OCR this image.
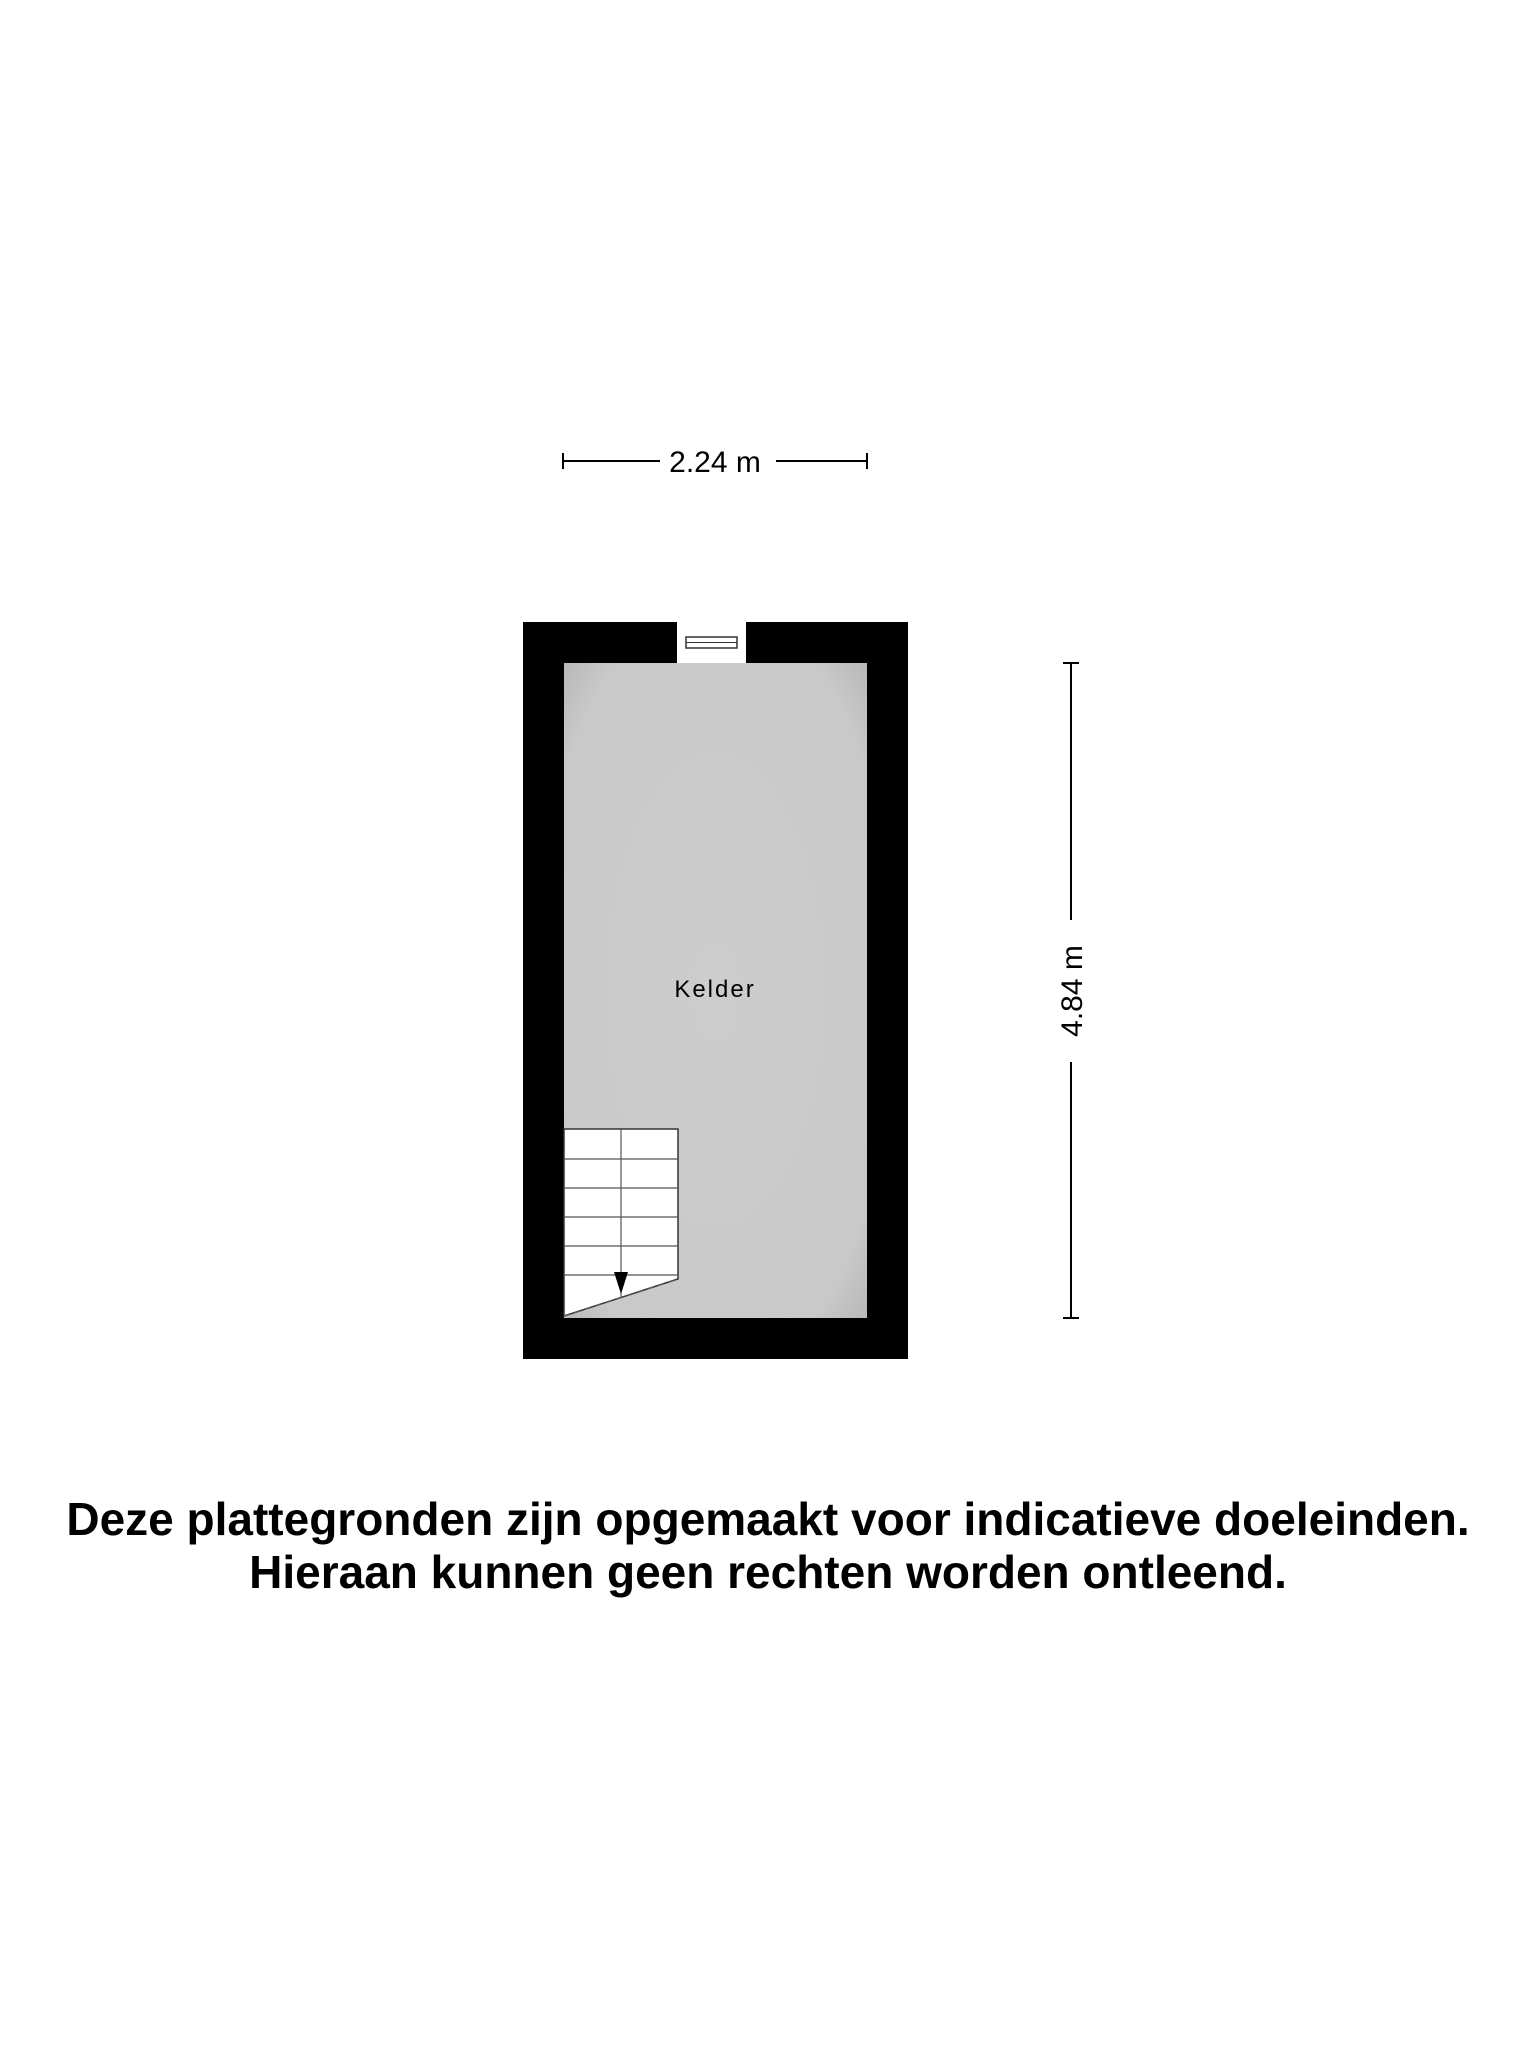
2.24 m
4.84 m
Kelder
Deze plattegronden zijn opgemaakt voor indicatieve doeleinden.
Hieraan kunnen geen rechten worden ontleend.
